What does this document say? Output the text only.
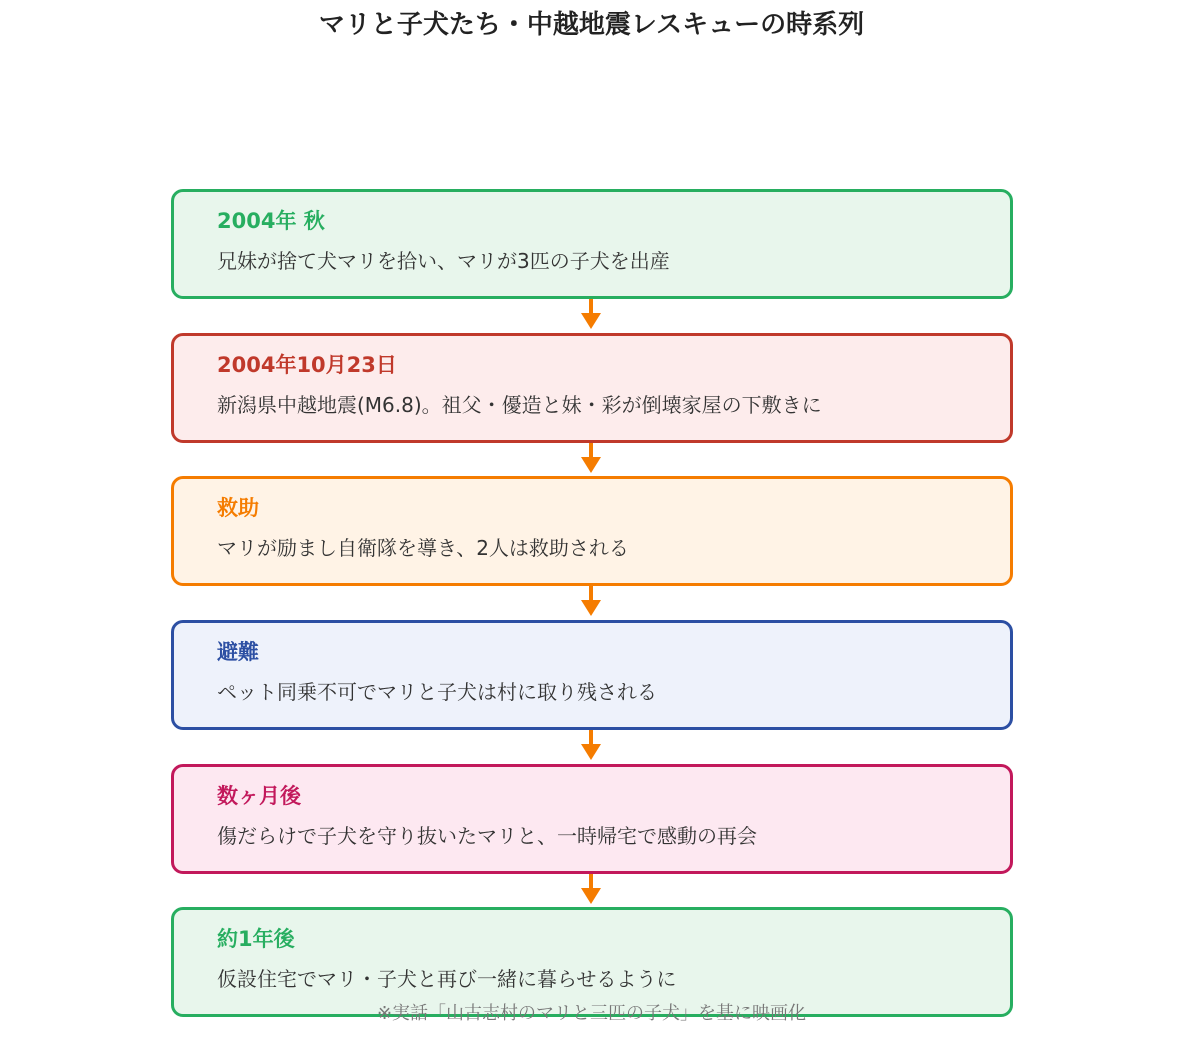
マリと子犬たち・中越地震レスキューの時系列
2004年 秋
兄妹が捨て犬マリを拾い、マリが3匹の子犬を出産
2004年10月23日
新潟県中越地震(M6.8)。祖父・優造と妹・彩が倒壊家屋の下敷きに
救助
マリが励まし自衛隊を導き、2人は救助される
避難
ペット同乗不可でマリと子犬は村に取り残される
数ヶ月後
傷だらけで子犬を守り抜いたマリと、一時帰宅で感動の再会
約1年後
仮設住宅でマリ・子犬と再び一緒に暮らせるように
※実話「山古志村のマリと三匹の子犬」を基に映画化
